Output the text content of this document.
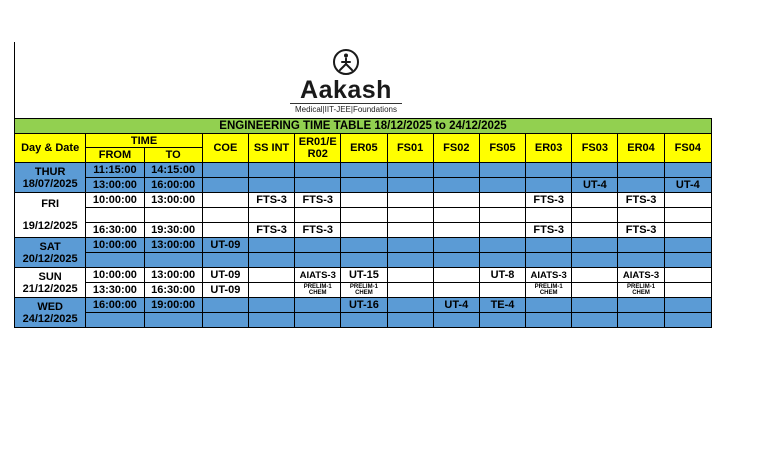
Aakash
Medical|IIT-JEE|Foundations
ENGINEERING TIME TABLE 18/12/2025 to 24/12/2025													
Day & Date	TIME		COE	SS INT	ER01/E R02	ER05	FS01	FS02	FS05	ER03	FS03	ER04	FS04
	FROM	TO											

THUR
18/07/2025	11:15:00	14:15:00											
	13:00:00	16:00:00									UT-4		UT-4

FRI
19/12/2025	10:00:00	13:00:00		FTS-3	FTS-3					FTS-3		FTS-3	

	16:30:00	19:30:00		FTS-3	FTS-3					FTS-3		FTS-3	

SAT
20/12/2025	10:00:00	13:00:00	UT-09										

SUN
21/12/2025	10:00:00	13:00:00	UT-09		AIATS-3	UT-15			UT-8	AIATS-3		AIATS-3	
	13:30:00	16:30:00	UT-09		PRELIM-1 CHEM	PRELIM-1 CHEM				PRELIM-1 CHEM		PRELIM-1 CHEM	

WED
24/12/2025	16:00:00	19:00:00				UT-16		UT-4	TE-4				
